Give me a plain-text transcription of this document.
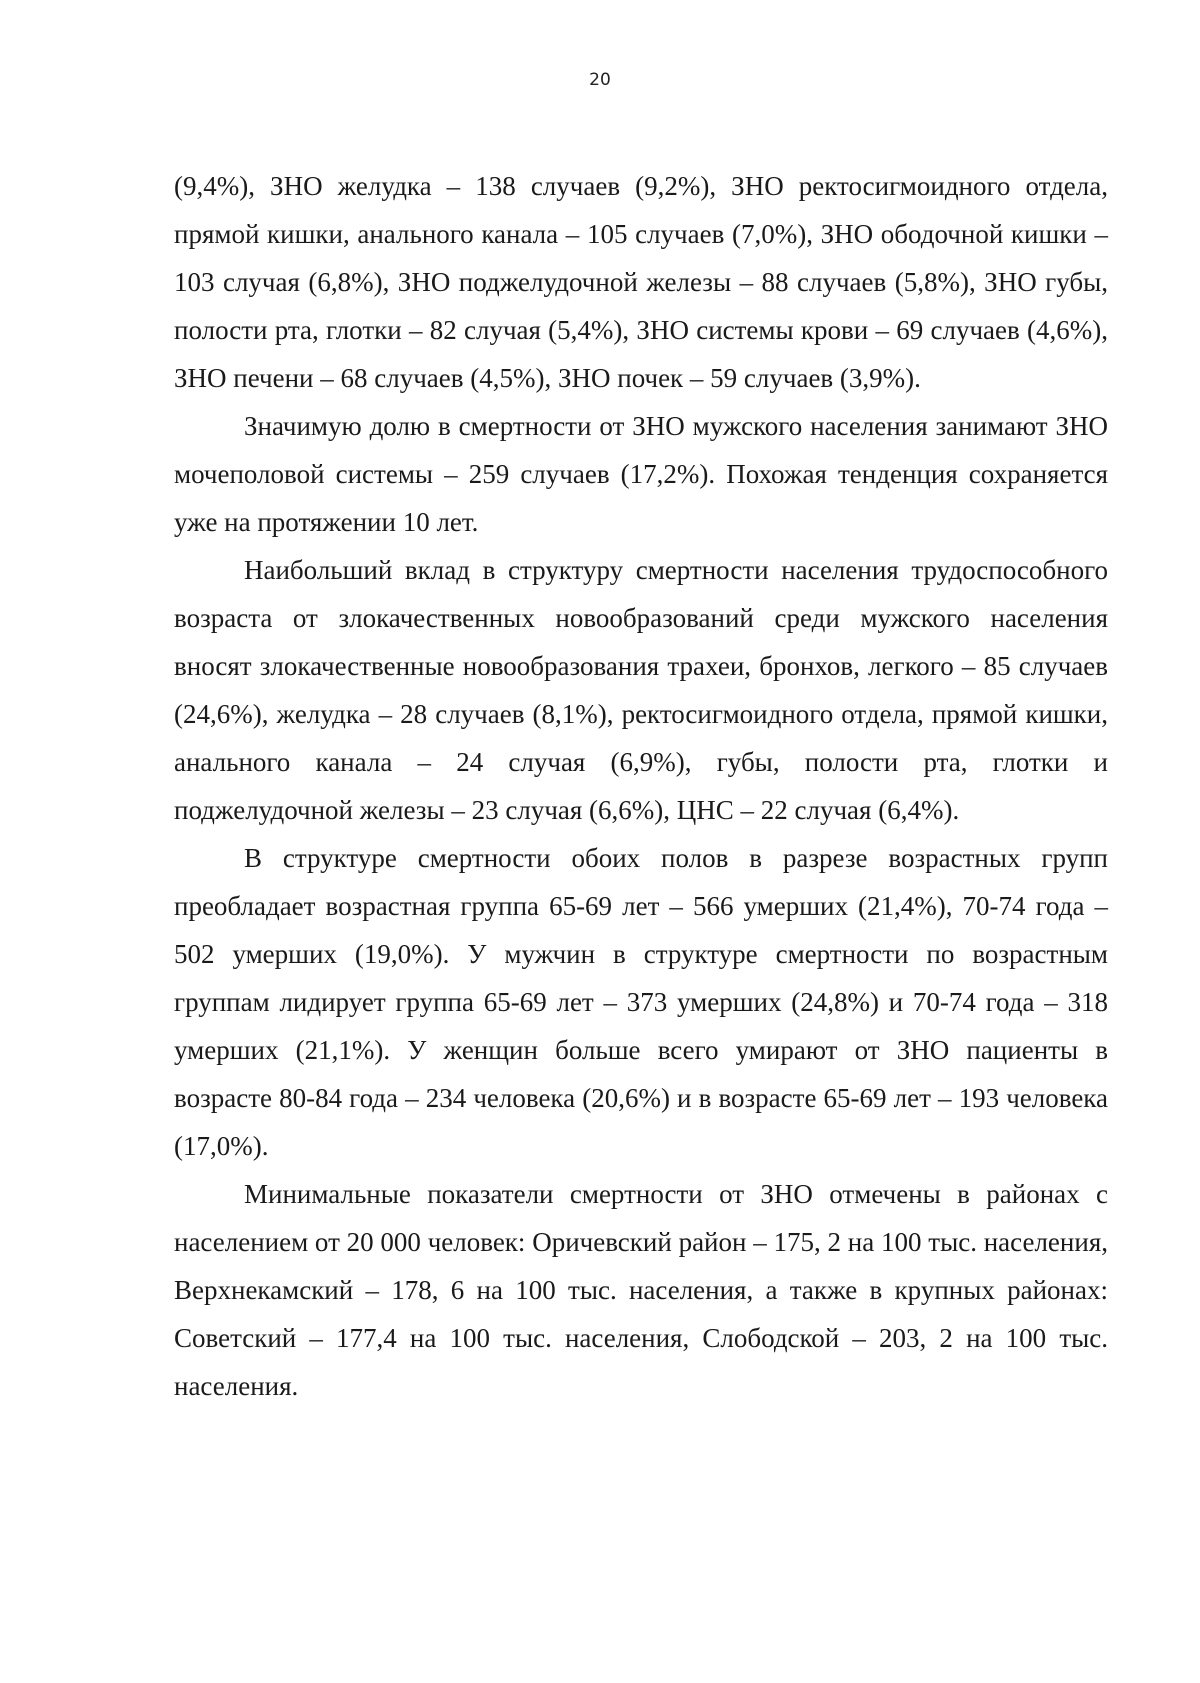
20

(9,4%), ЗНО желудка – 138 случаев (9,2%), ЗНО ректосигмоидного отдела, прямой кишки, анального канала – 105 случаев (7,0%), ЗНО ободочной кишки – 103 случая (6,8%), ЗНО поджелудочной железы – 88 случаев (5,8%), ЗНО губы, полости рта, глотки – 82 случая (5,4%), ЗНО системы крови – 69 случаев (4,6%), ЗНО печени – 68 случаев (4,5%), ЗНО почек – 59 случаев (3,9%).

Значимую долю в смертности от ЗНО мужского населения занимают ЗНО мочеполовой системы – 259 случаев (17,2%). Похожая тенденция сохраняется уже на протяжении 10 лет.

Наибольший вклад в структуру смертности населения трудоспособного возраста от злокачественных новообразований среди мужского населения вносят злокачественные новообразования трахеи, бронхов, легкого – 85 случаев (24,6%), желудка – 28 случаев (8,1%), ректосигмоидного отдела, прямой кишки, анального канала – 24 случая (6,9%), губы, полости рта, глотки и поджелудочной железы – 23 случая (6,6%), ЦНС – 22 случая (6,4%).

В структуре смертности обоих полов в разрезе возрастных групп преобладает возрастная группа 65-69 лет – 566 умерших (21,4%), 70-74 года – 502 умерших (19,0%). У мужчин в структуре смертности по возрастным группам лидирует группа 65-69 лет – 373 умерших (24,8%) и 70-74 года – 318 умерших (21,1%). У женщин больше всего умирают от ЗНО пациенты в возрасте 80-84 года – 234 человека (20,6%) и в возрасте 65-69 лет – 193 человека (17,0%).

Минимальные показатели смертности от ЗНО отмечены в районах с населением от 20 000 человек: Оричевский район – 175, 2 на 100 тыс. населения, Верхнекамский – 178, 6 на 100 тыс. населения, а также в крупных районах: Советский – 177,4 на 100 тыс. населения, Слободской – 203, 2 на 100 тыс. населения.
